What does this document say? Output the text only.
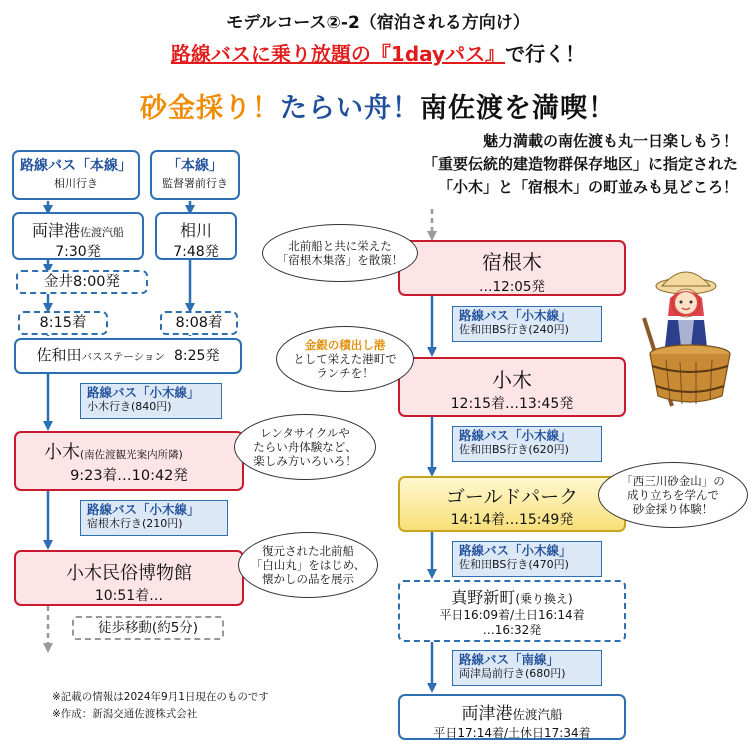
モデルコース②-2（宿泊される方向け）
路線バスに乗り放題の『1dayパス』で行く！
砂金採り！たらい舟！南佐渡を満喫！
魅力満載の南佐渡も丸一日楽しもう！
「重要伝統的建造物群保存地区」に指定された
「小木」と「宿根木」の町並みも見どころ！
路線バス「本線」
相川行き
「本線」
監督署前行き
両津港佐渡汽船
7:30発
相川
7:48発
金井8:00発
8:15着	8:08着
佐和田バスステーション 8:25発
路線バス「小木線」
小木行き(840円)
小木(南佐渡観光案内所隣)
9:23着…10:42発
路線バス「小木線」
宿根木行き(210円)
小木民俗博物館
10:51着…
徒歩移動(約5分)
宿根木
…12:05発
路線バス「小木線」
佐和田BS行き(240円)
小木
12:15着…13:45発
路線バス「小木線」
佐和田BS行き(620円)
ゴールドパーク
14:14着…15:49発
路線バス「小木線」
佐和田BS行き(470円)
真野新町(乗り換え)
平日16:09着/土日16:14着
…16:32発
路線バス「南線」
両津局前行き(680円)
両津港佐渡汽船
平日17:14着/土休日17:34着
北前船と共に栄えた
「宿根木集落」を散策！
金銀の積出し港
として栄えた港町で
ランチを！
レンタサイクルや
たらい舟体験など、
楽しみ方いろいろ！
「西三川砂金山」の
成り立ちを学んで
砂金採り体験！
復元された北前船
「白山丸」をはじめ、
懐かしの品を展示
※記載の情報は2024年9月1日現在のものです
※作成：新潟交通佐渡株式会社
